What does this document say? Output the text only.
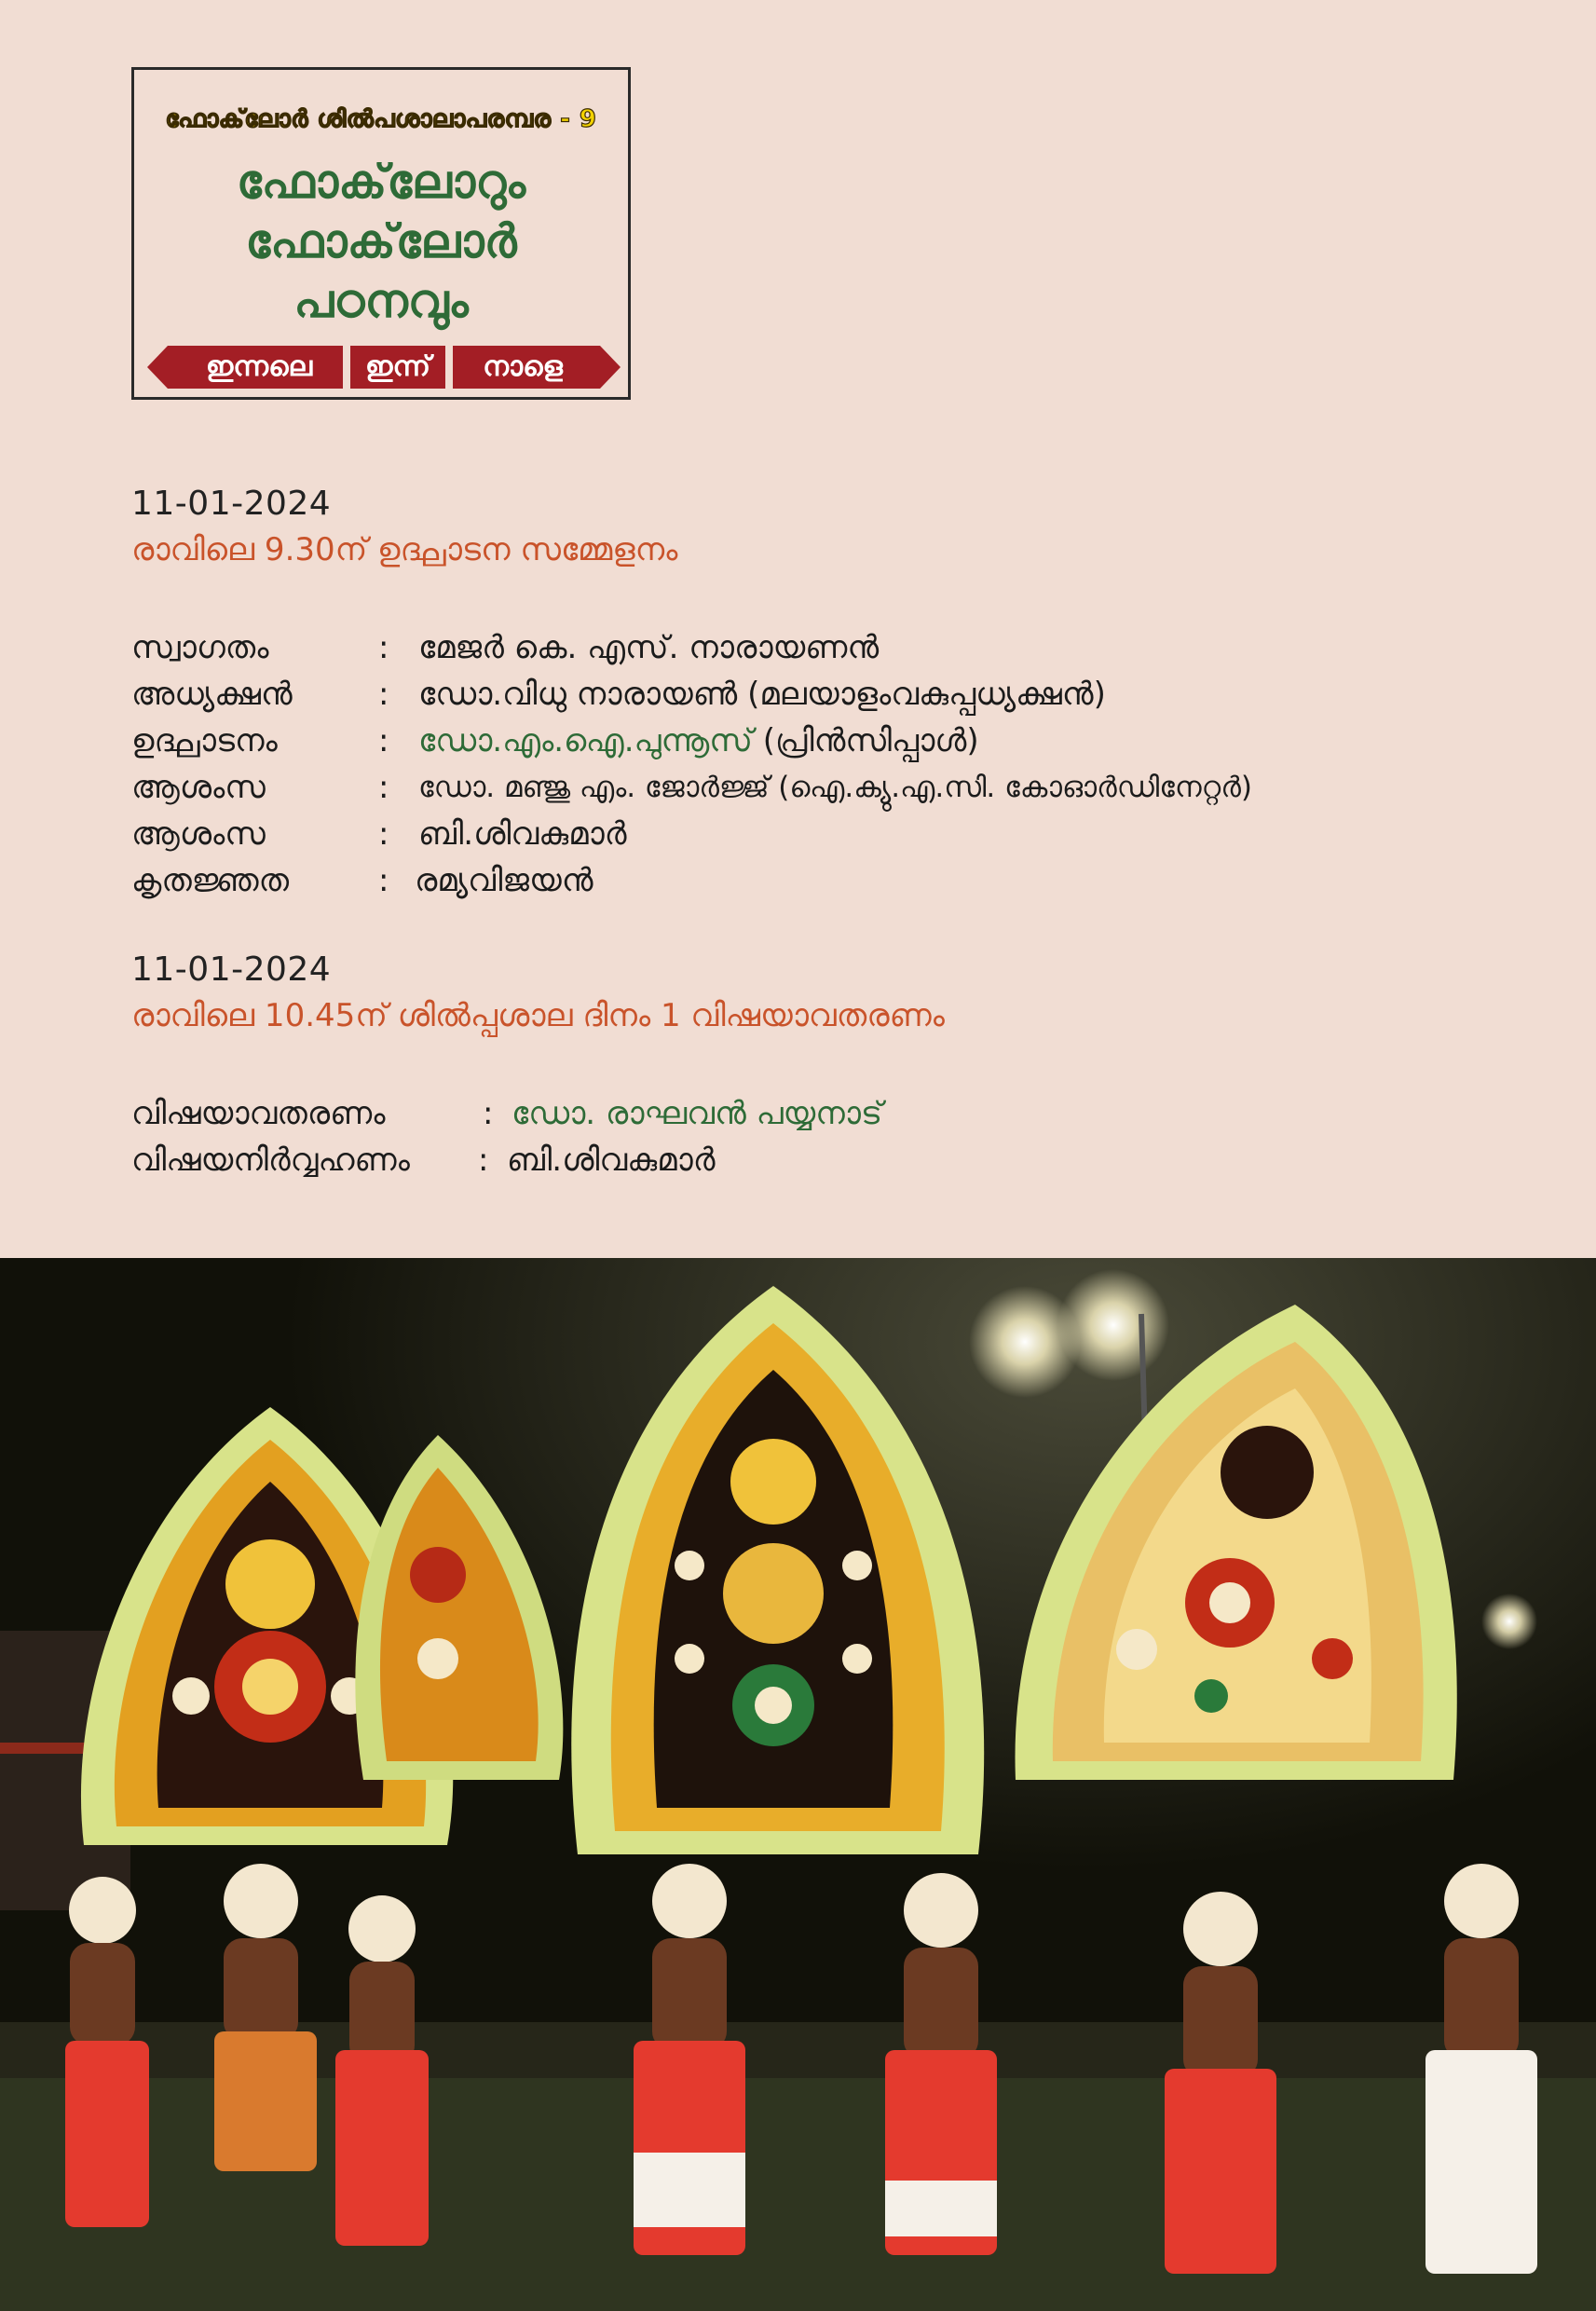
ഫോക്‌ലോർ ശിൽപശാലാപരമ്പര - 9
ഫോക്‌ലോറും
ഫോക്‌ലോർ
പഠനവും
ഇന്നലെ	ഇന്ന്	നാളെ
11-01-2024
രാവിലെ 9.30ന് ഉദ്ഘാടന സമ്മേളനം
സ്വാഗതം	: മേജർ കെ. എസ്. നാരായണൻ
അധ്യക്ഷൻ	: ഡോ.വിധു നാരായൺ (മലയാളംവകുപ്പധ്യക്ഷൻ)
ഉദ്ഘാടനം	: ഡോ.എം.ഐ.പുന്നൂസ് (പ്രിൻസിപ്പാൾ)
ആശംസ	: ഡോ. മഞ്ജു എം. ജോർജ്ജ് (ഐ.ക്യു.എ.സി. കോഓർഡിനേറ്റർ)
ആശംസ	: ബി.ശിവകുമാർ
കൃതജ്ഞത	: രമ്യവിജയൻ
11-01-2024
രാവിലെ 10.45ന് ശിൽപ്പശാല ദിനം 1 വിഷയാവതരണം
വിഷയാവതരണം	: ഡോ. രാഘവൻ പയ്യനാട്
വിഷയനിർവ്വഹണം : ബി.ശിവകുമാർ
